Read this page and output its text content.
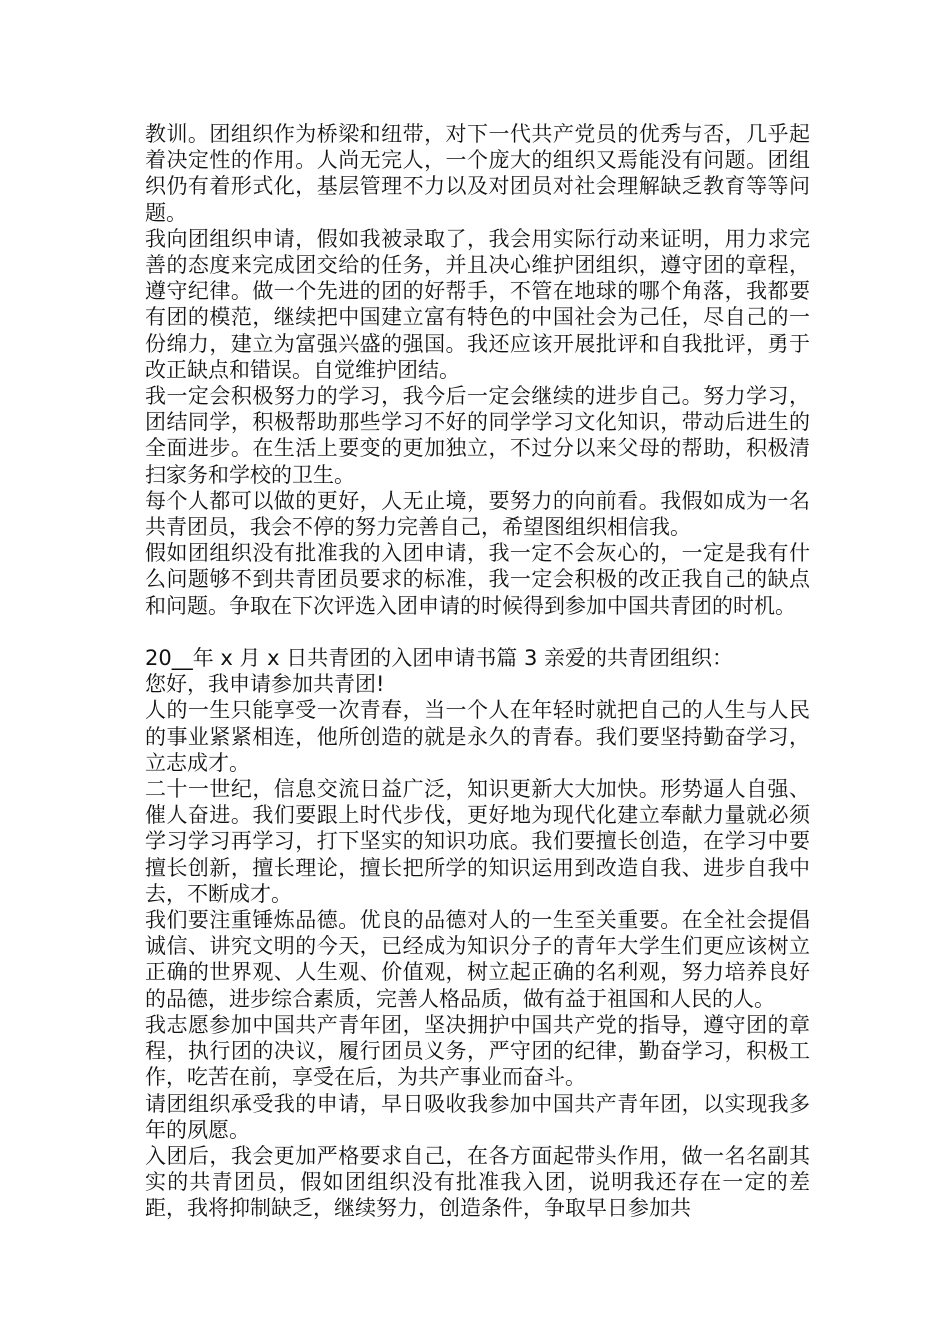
教训。团组织作为桥梁和纽带，对下一代共产党员的优秀与否，几乎起着决定性的作用。人尚无完人，一个庞大的组织又焉能没有问题。团组织仍有着形式化，基层管理不力以及对团员对社会理解缺乏教育等等问题。

我向团组织申请，假如我被录取了，我会用实际行动来证明，用力求完善的态度来完成团交给的任务，并且决心维护团组织，遵守团的章程，遵守纪律。做一个先进的团的好帮手，不管在地球的哪个角落，我都要有团的模范，继续把中国建立富有特色的中国社会为己任，尽自己的一份绵力，建立为富强兴盛的强国。我还应该开展批评和自我批评，勇于改正缺点和错误。自觉维护团结。

我一定会积极努力的学习，我今后一定会继续的进步自己。努力学习，团结同学，积极帮助那些学习不好的同学学习文化知识，带动后进生的全面进步。在生活上要变的更加独立，不过分以来父母的帮助，积极清扫家务和学校的卫生。

每个人都可以做的更好，人无止境，要努力的向前看。我假如成为一名共青团员，我会不停的努力完善自己，希望图组织相信我。

假如团组织没有批准我的入团申请，我一定不会灰心的，一定是我有什么问题够不到共青团员要求的标准，我一定会积极的改正我自己的缺点和问题。争取在下次评选入团申请的时候得到参加中国共青团的时机。

20__年 x 月 x 日共青团的入团申请书篇 3 亲爱的共青团组织：

您好，我申请参加共青团!

人的一生只能享受一次青春，当一个人在年轻时就把自己的人生与人民的事业紧紧相连，他所创造的就是永久的青春。我们要坚持勤奋学习，立志成才。

二十一世纪，信息交流日益广泛，知识更新大大加快。形势逼人自强、催人奋进。我们要跟上时代步伐，更好地为现代化建立奉献力量就必须学习学习再学习，打下坚实的知识功底。我们要擅长创造，在学习中要擅长创新，擅长理论，擅长把所学的知识运用到改造自我、进步自我中去，不断成才。

我们要注重锤炼品德。优良的品德对人的一生至关重要。在全社会提倡诚信、讲究文明的今天，已经成为知识分子的青年大学生们更应该树立正确的世界观、人生观、价值观，树立起正确的名利观，努力培养良好的品德，进步综合素质，完善人格品质，做有益于祖国和人民的人。

我志愿参加中国共产青年团，坚决拥护中国共产党的指导，遵守团的章程，执行团的决议，履行团员义务，严守团的纪律，勤奋学习，积极工作，吃苦在前，享受在后，为共产事业而奋斗。

请团组织承受我的申请，早日吸收我参加中国共产青年团，以实现我多年的夙愿。

入团后，我会更加严格要求自己，在各方面起带头作用，做一名名副其实的共青团员，假如团组织没有批准我入团，说明我还存在一定的差距，我将抑制缺乏，继续努力，创造条件，争取早日参加共
